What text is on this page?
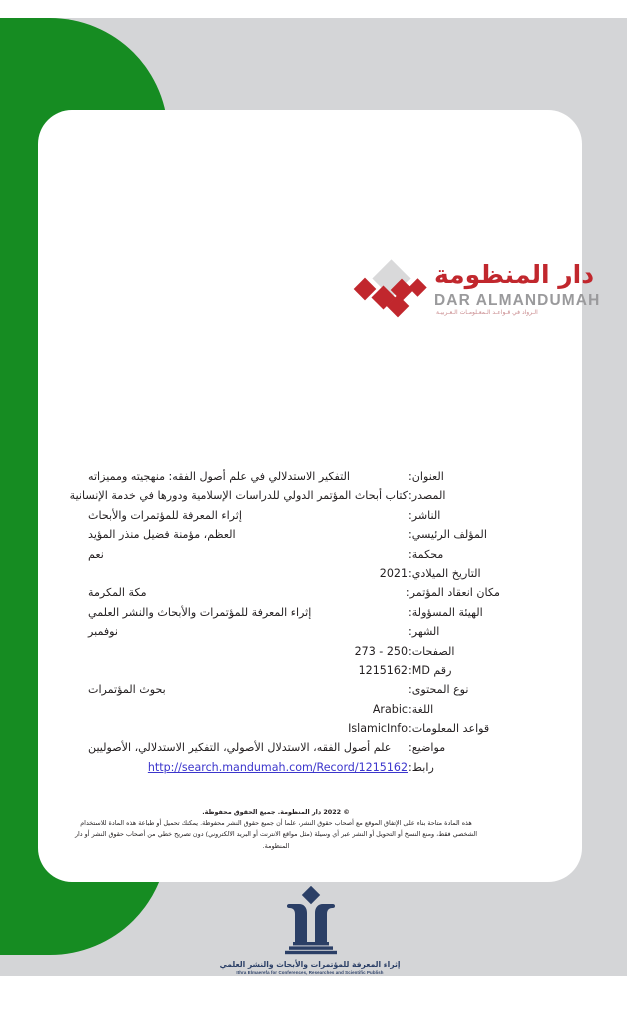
دار المنظومة
DAR ALMANDUMAH
الـرواد في قـواعـد الـمعـلومـات الـعـربيـة
العنوان:
التفكير الاستدلالي في علم أصول الفقه: منهجيته ومميزاته
المصدر:
كتاب أبحاث المؤتمر الدولي للدراسات الإسلامية ودورها في خدمة الإنسانية
الناشر:
إثراء المعرفة للمؤتمرات والأبحاث
المؤلف الرئيسي:
العظم، مؤمنة فضيل منذر المؤيد
محكمة:
نعم
التاريخ الميلادي:
2021
مكان انعقاد المؤتمر:
مكة المكرمة
الهيئة المسؤولة:
إثراء المعرفة للمؤتمرات والأبحاث والنشر العلمي
الشهر:
نوفمبر
الصفحات:
273 - 250
رقم MD:
1215162
نوع المحتوى:
بحوث المؤتمرات
اللغة:
Arabic
قواعد المعلومات:
IslamicInfo
مواضيع:
علم أصول الفقه، الاستدلال الأصولي، التفكير الاستدلالي، الأصوليين
رابط:
http://search.mandumah.com/Record/1215162
© 2022 دار المنظومة. جميع الحقوق محفوظة.
هذه المادة متاحة بناء على الإتفاق الموقع مع أصحاب حقوق النشر، علما أن جميع حقوق النشر محفوظة. يمكنك تحميل أو طباعة هذه المادة للاستخدام
الشخصي فقط، ومنع النسخ أو التحويل أو النشر عبر أي وسيلة (مثل مواقع الانترنت أو البريد الالكتروني) دون تصريح خطي من أصحاب حقوق النشر أو دار
المنظومة.
إثراء المعرفة للمؤتمرات والأبحاث والنشر العلمي
Ithra Elmaerefa for Conferences, Researches and Scientific Publish
